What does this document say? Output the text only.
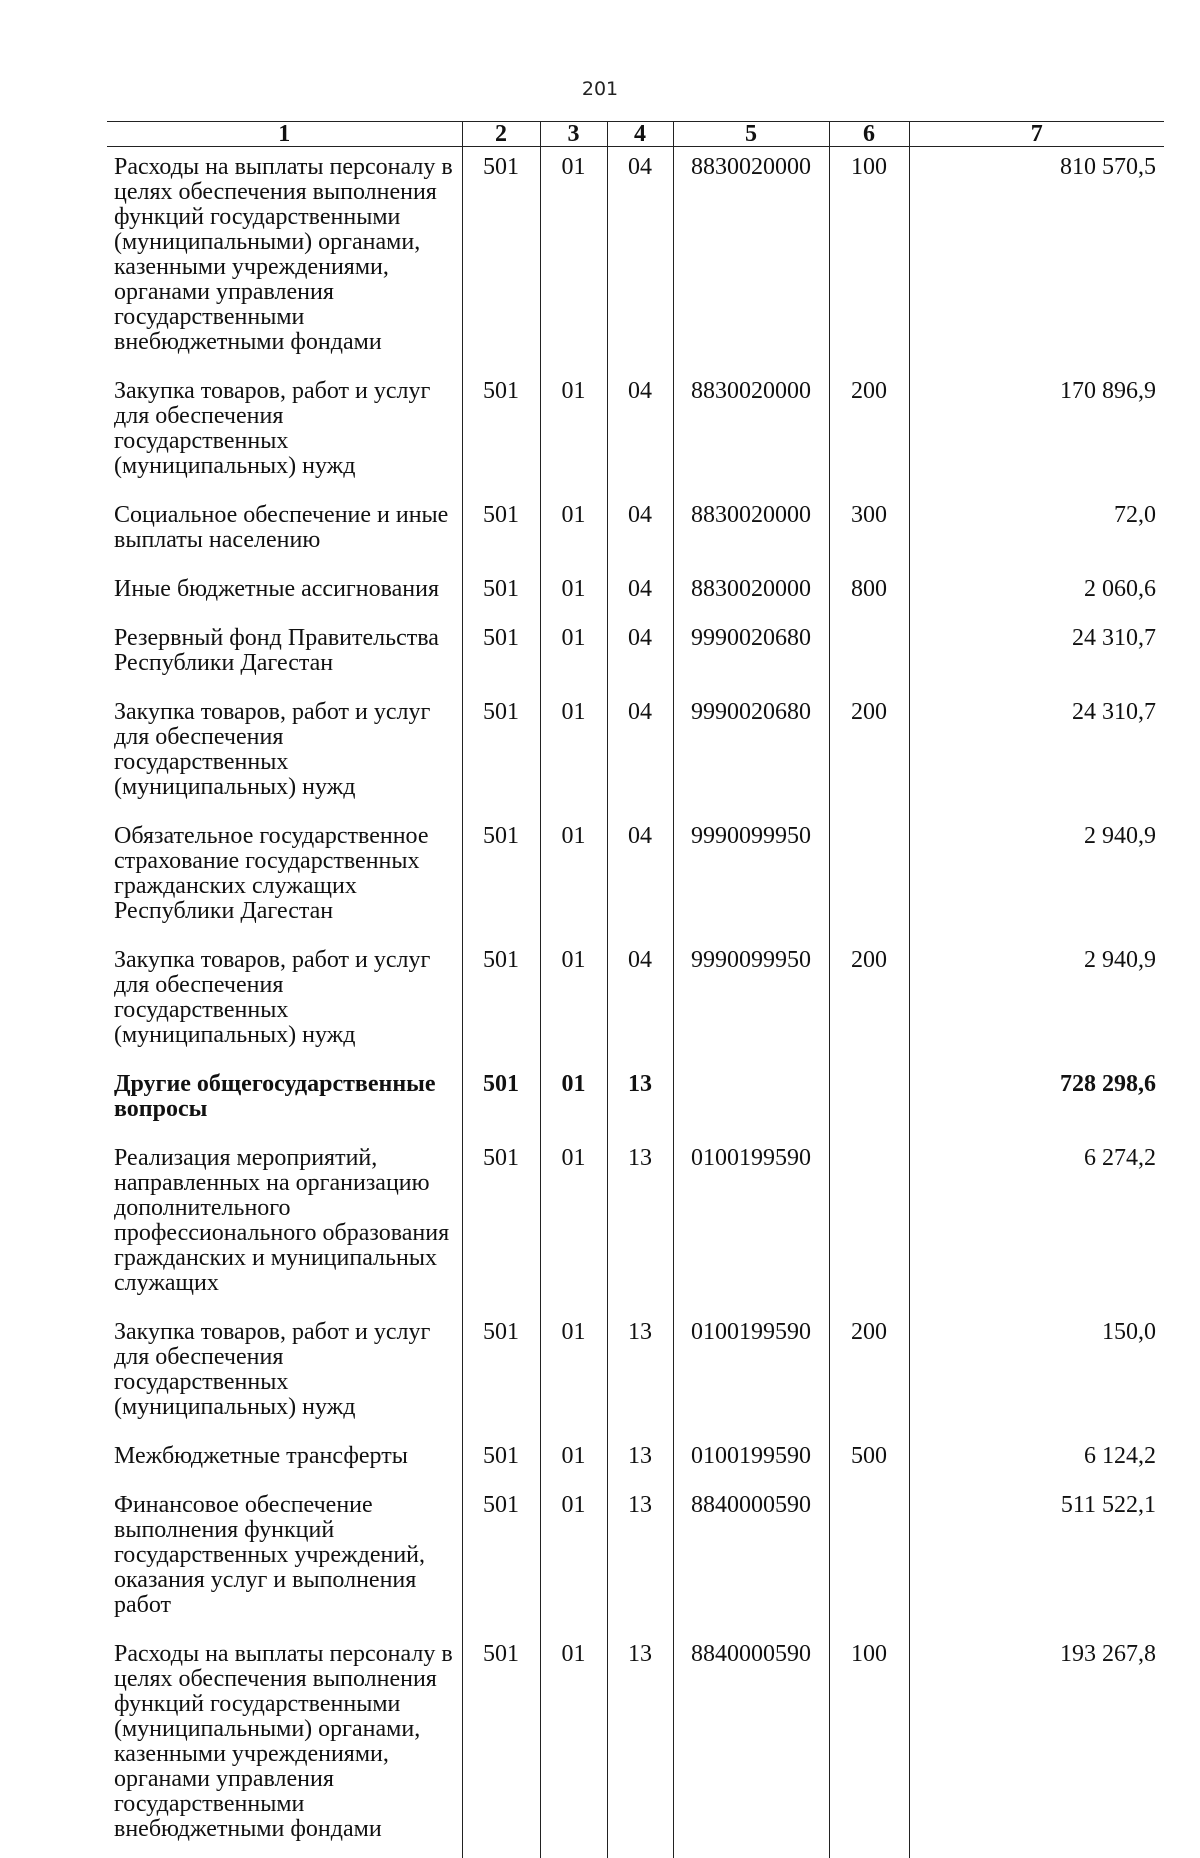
201
1	2	3	4	5	6	7
Расходы на выплаты персоналу в целях обеспечения выполнения функций государственными (муниципальными) органами, казенными учреждениями, органами управления государственными внебюджетными фондами	501	01	04	8830020000	100	810 570,5
Закупка товаров, работ и услуг для обеспечения государственных (муниципальных) нужд	501	01	04	8830020000	200	170 896,9
Социальное обеспечение и иные выплаты населению	501	01	04	8830020000	300	72,0
Иные бюджетные ассигнования	501	01	04	8830020000	800	2 060,6
Резервный фонд Правительства Республики Дагестан	501	01	04	9990020680		24 310,7
Закупка товаров, работ и услуг для обеспечения государственных (муниципальных) нужд	501	01	04	9990020680	200	24 310,7
Обязательное государственное страхование государственных гражданских служащих Республики Дагестан	501	01	04	9990099950		2 940,9
Закупка товаров, работ и услуг для обеспечения государственных (муниципальных) нужд	501	01	04	9990099950	200	2 940,9
Другие общегосударственные вопросы	501	01	13			728 298,6
Реализация мероприятий, направленных на организацию дополнительного профессионального образования гражданских и муниципальных служащих	501	01	13	0100199590		6 274,2
Закупка товаров, работ и услуг для обеспечения государственных (муниципальных) нужд	501	01	13	0100199590	200	150,0
Межбюджетные трансферты	501	01	13	0100199590	500	6 124,2
Финансовое обеспечение выполнения функций государственных учреждений, оказания услуг и выполнения работ	501	01	13	8840000590		511 522,1
Расходы на выплаты персоналу в целях обеспечения выполнения функций государственными (муниципальными) органами, казенными учреждениями, органами управления государственными внебюджетными фондами	501	01	13	8840000590	100	193 267,8
